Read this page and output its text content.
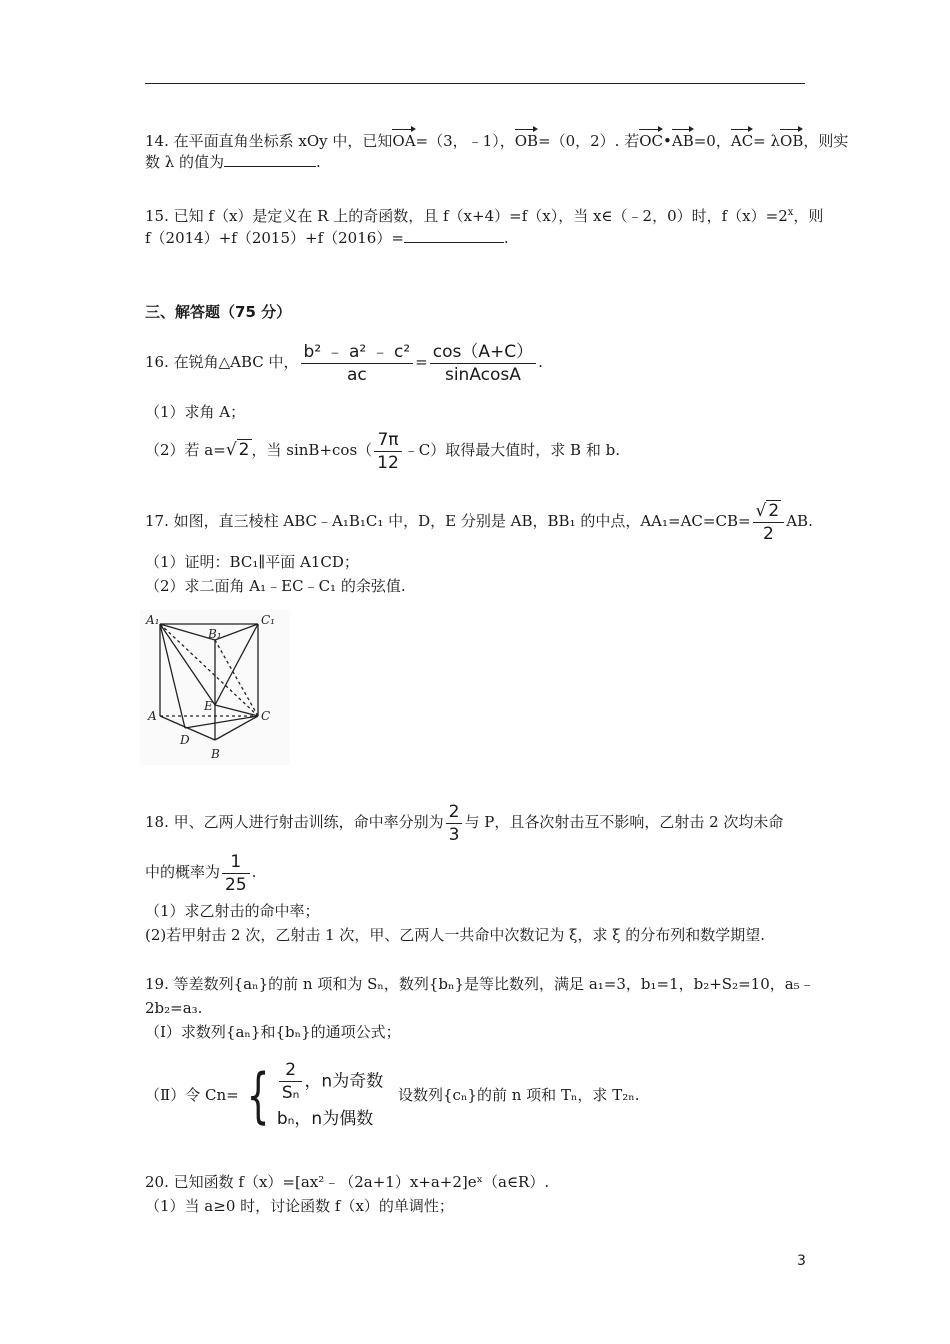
14. 在平面直角坐标系 xOy 中，已知OA=（3，﹣1），OB=（0，2）. 若OC•AB=0，AC= λOB，则实
数 λ 的值为	.
15. 已知 f（x）是定义在 R 上的奇函数，且 f（x+4）=f（x），当 x∈（﹣2，0）时，$f(x)=2^x$，则
f（2014）+f（2015）+f（2016）=	.
三、解答题（75 分）
16. 在锐角△ABC 中， $\frac{\text{b² ﹣ a² ﹣ c²}}{ac} = \frac{\cos(A+C)}{\text{sinAcosA}}$ .
（1）求角 A；
（2）若 a=√ 2 ，当 $\sin B+\cos( \frac{7\pi}{12}$ ﹣C）取得最大值时，求 B 和 b.
17. 如图，直三棱柱 ABC﹣A₁B₁C₁ 中，D，E 分别是 AB，BB₁ 的中点，$AA_1=AC=CB= \frac{√ 2}{2}$ AB.
（1）证明：BC₁∥平面 A1CD；
（2）求二面角 A₁﹣EC﹣C₁ 的余弦值.
A₁
B₁
C₁
A
E
C
D
B
18. 甲、乙两人进行射击训练，命中率分别为 $\frac{2}{3}$ 与 P，且各次射击互不影响，乙射击 2 次均未命
中的概率为 $\frac{1}{25}$ .
（1）求乙射击的命中率；
(2)若甲射击 2 次，乙射击 1 次，甲、乙两人一共命中次数记为 ξ，求 ξ 的分布列和数学期望.
19. 等差数列{aₙ}的前 n 项和为 Sₙ，数列{bₙ}是等比数列，满足 a₁=3，b₁=1，b₂+S₂=10，a₅﹣
2b₂=a₃.
（Ⅰ）求数列{aₙ}和{bₙ}的通项公式；
（Ⅱ）令 Cn= { $\frac{2}{\text{Sₙ}}$ ，n为奇数
bₙ，n为偶数
设数列{cₙ}的前 n 项和 Tₙ，求 T₂ₙ.
20. 已知函数 f（x）=[ax²﹣（2a+1）x+a+2]eˣ（a∈R）.
（1）当 a≥0 时，讨论函数 f（x）的单调性；
3
